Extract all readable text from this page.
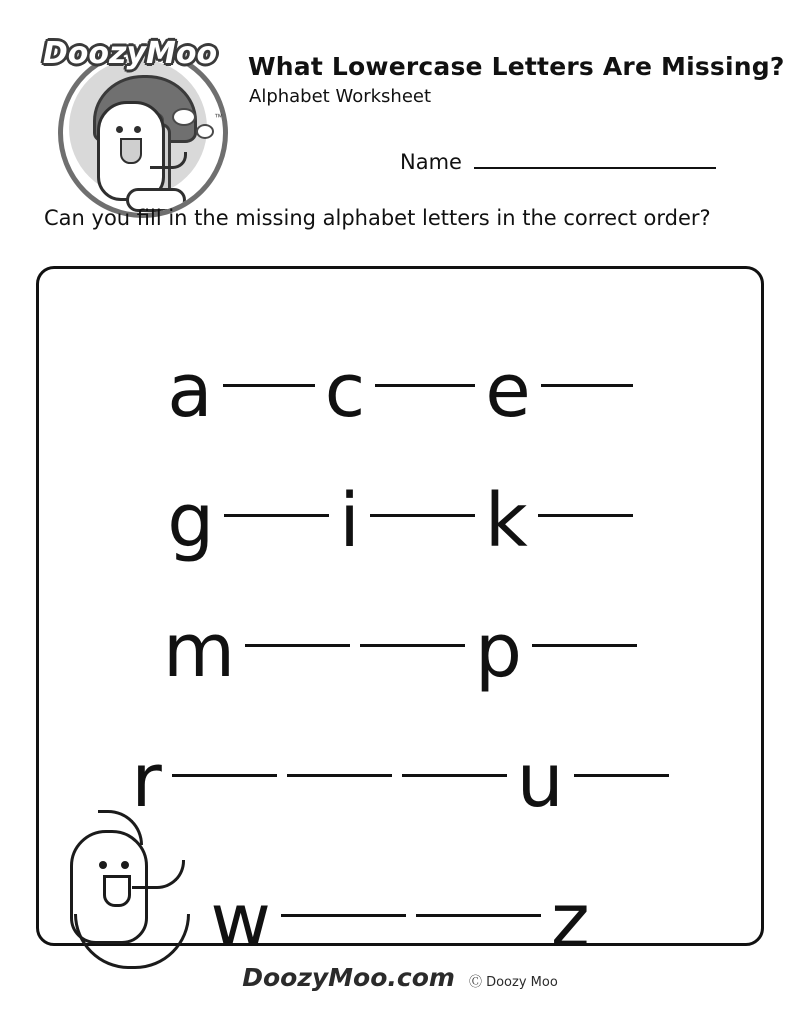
DoozyMoo
™
What Lowercase Letters Are Missing?
Alphabet Worksheet
Name
Can you fill in the missing alphabet letters in the correct order?
a c e
g i k
m	p
r	u
w	z
DoozyMoo.com Ⓒ Doozy Moo
